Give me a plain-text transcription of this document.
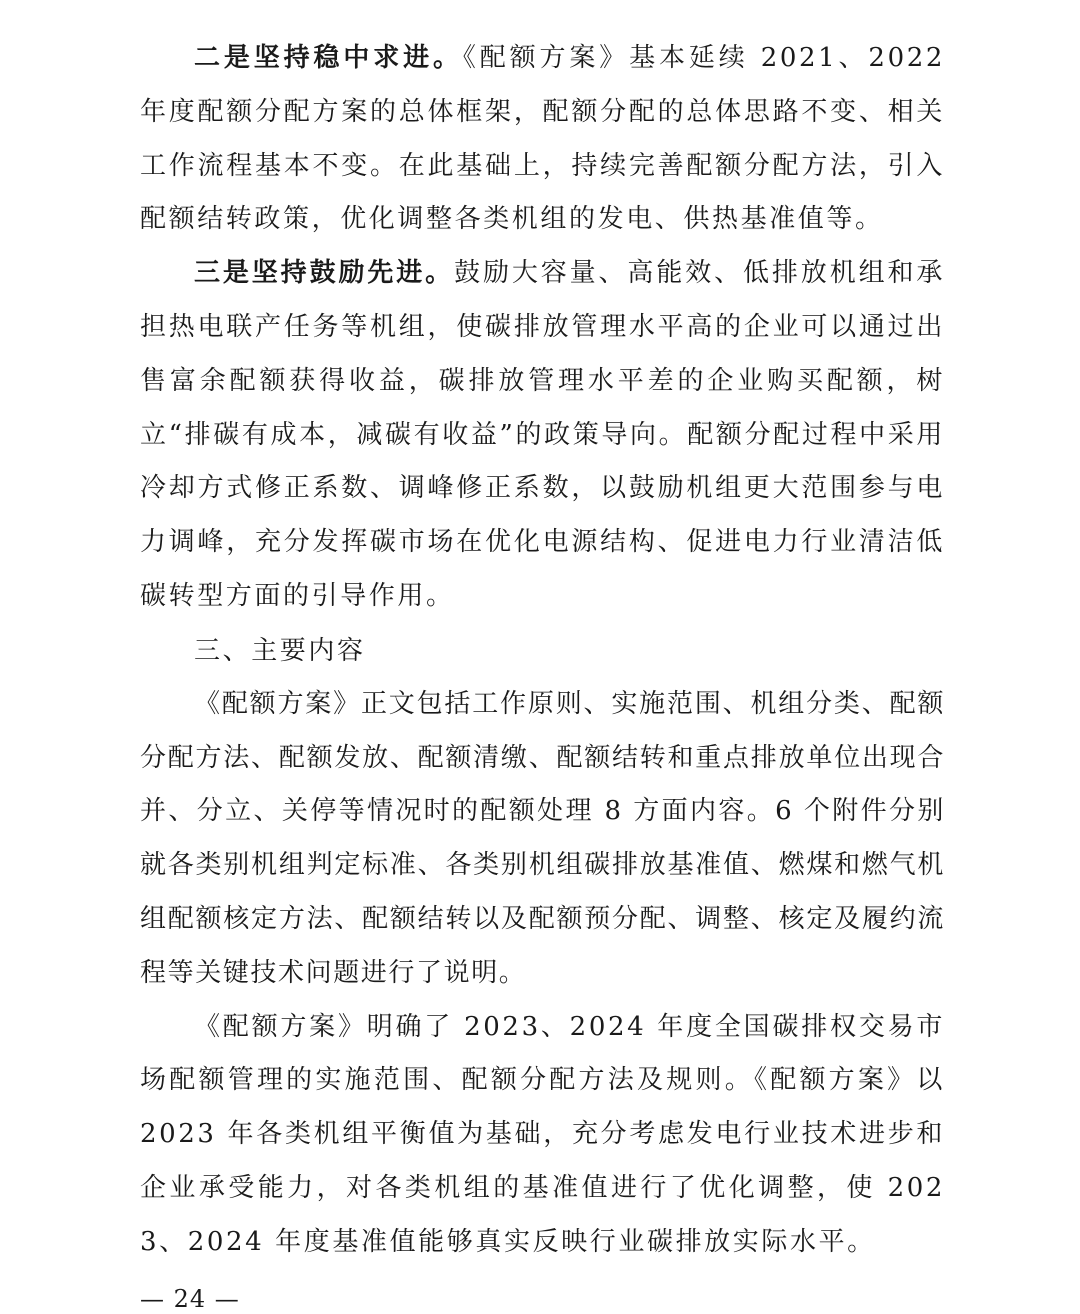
二是坚持稳中求进。《配额方案》基本延续 2021、2022 年度配额分配方案的总体框架，配额分配的总体思路不变、相关工作流程基本不变。在此基础上，持续完善配额分配方法，引入配额结转政策，优化调整各类机组的发电、供热基准值等。

三是坚持鼓励先进。鼓励大容量、高能效、低排放机组和承担热电联产任务等机组，使碳排放管理水平高的企业可以通过出售富余配额获得收益，碳排放管理水平差的企业购买配额，树立“排碳有成本，减碳有收益”的政策导向。配额分配过程中采用冷却方式修正系数、调峰修正系数，以鼓励机组更大范围参与电力调峰，充分发挥碳市场在优化电源结构、促进电力行业清洁低碳转型方面的引导作用。

三、主要内容

《配额方案》正文包括工作原则、实施范围、机组分类、配额分配方法、配额发放、配额清缴、配额结转和重点排放单位出现合并、分立、关停等情况时的配额处理 8 方面内容。6 个附件分别就各类别机组判定标准、各类别机组碳排放基准值、燃煤和燃气机组配额核定方法、配额结转以及配额预分配、调整、核定及履约流程等关键技术问题进行了说明。

《配额方案》明确了 2023、2024 年度全国碳排权交易市场配额管理的实施范围、配额分配方法及规则。《配额方案》以 2023 年各类机组平衡值为基础，充分考虑发电行业技术进步和企业承受能力，对各类机组的基准值进行了优化调整，使 2023、2024 年度基准值能够真实反映行业碳排放实际水平。

— 24 —
